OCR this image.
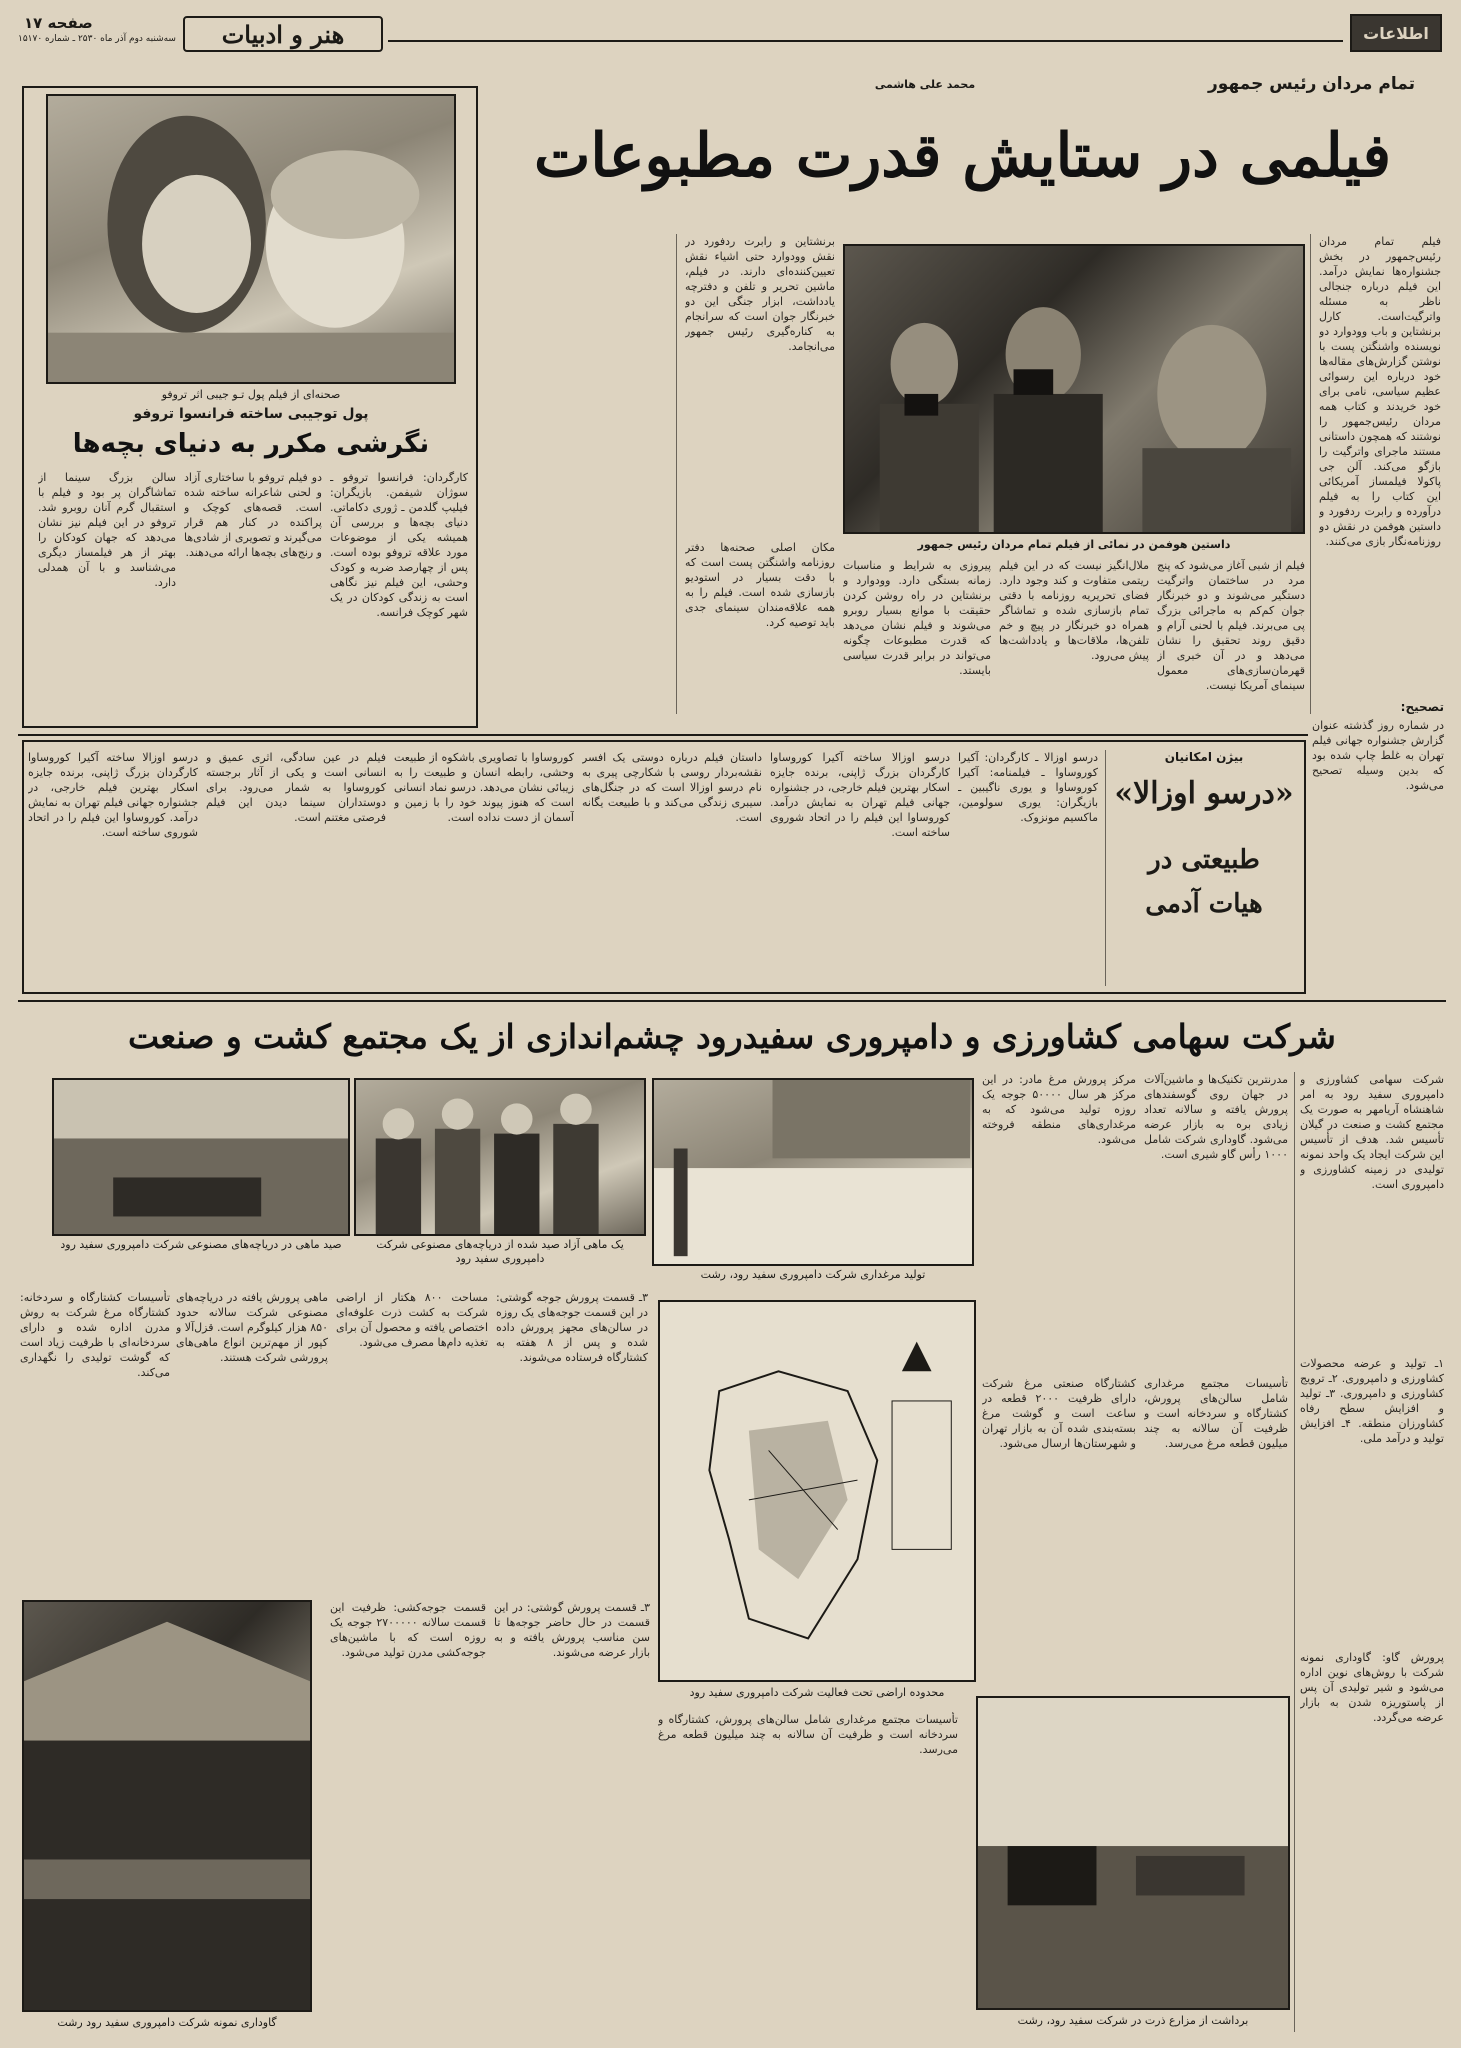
هنر و ادبیات
صفحه ۱۷
سه‌شنبه دوم آذر ماه ۲۵۳۰ ـ شماره ۱۵۱۷۰	اطلاعات
تمام مردان رئیس جمهور
محمد علی هاشمی
فیلمی در ستایش قدرت مطبوعات
فیلم تمام مردان رئیس‌جمهور در بخش جشنواره‌ها نمایش درآمد. این فیلم درباره جنجالی ناظر به مسئله واترگیت‌است. کارل برنشتاین و باب وودوارد دو نویسنده واشنگتن پست با نوشتن گزارش‌های مقاله‌ها خود درباره این رسوائی عظیم سیاسی، نامی برای خود خریدند و کتاب همه مردان رئیس‌جمهور را نوشتند که همچون داستانی مستند ماجرای واترگیت را بازگو می‌کند. آلن جی پاکولا فیلمساز آمریکائی این کتاب را به فیلم درآورده و رابرت ردفورد و داستین هوفمن در نقش دو روزنامه‌نگار بازی می‌کنند.
داستین هوفمن در نمائی از فیلم تمام مردان رئیس جمهور
فیلم از شبی آغاز می‌شود که پنج مرد در ساختمان واترگیت دستگیر می‌شوند و دو خبرنگار جوان کم‌کم به ماجرائی بزرگ پی می‌برند. فیلم با لحنی آرام و دقیق روند تحقیق را نشان می‌دهد و در آن خبری از قهرمان‌سازی‌های معمول سینمای آمریکا نیست.
ملال‌انگیز نیست که در این فیلم ریتمی متفاوت و کند وجود دارد. فضای تحریریه روزنامه با دقتی تمام بازسازی شده و تماشاگر همراه دو خبرنگار در پیچ و خم تلفن‌ها، ملاقات‌ها و یادداشت‌ها پیش می‌رود.
پیروزی به شرایط و مناسبات زمانه بستگی دارد. وودوارد و برنشتاین در راه روشن کردن حقیقت با موانع بسیار روبرو می‌شوند و فیلم نشان می‌دهد که قدرت مطبوعات چگونه می‌تواند در برابر قدرت سیاسی بایستد.
برنشتاین و رابرت ردفورد در نقش وودوارد حتی اشیاء نقش تعیین‌کننده‌ای دارند. در فیلم، ماشین تحریر و تلفن و دفترچه یادداشت، ابزار جنگی این دو خبرنگار جوان است که سرانجام به کناره‌گیری رئیس جمهور می‌انجامد.
مکان اصلی صحنه‌ها دفتر روزنامه واشنگتن پست است که با دقت بسیار در استودیو بازسازی شده است. فیلم را به همه علاقه‌مندان سینمای جدی باید توصیه کرد.
تصحیح:
در شماره روز گذشته عنوان گزارش جشنواره جهانی فیلم تهران به غلط چاپ شده بود که بدین وسیله تصحیح می‌شود.
صحنه‌ای از فیلم پول تـو جیبی اثر تروفو
پول توجیبی ساخته فرانسوا تروفو
نگرشی مکرر به دنیای بچه‌ها
کارگردان: فرانسوا تروفو ـ سوژان شیفمن. بازیگران: فیلیپ گلدمن ـ ژوری دکاماتی. دنیای بچه‌ها و بررسی آن همیشه یکی از موضوعات مورد علاقه تروفو بوده است. پس از چهارصد ضربه و کودک وحشی، این فیلم نیز نگاهی است به زندگی کودکان در یک شهر کوچک فرانسه.
دو فیلم تروفو با ساختاری آزاد و لحنی شاعرانه ساخته شده است. قصه‌های کوچک و پراکنده در کنار هم قرار می‌گیرند و تصویری از شادی‌ها و رنج‌های بچه‌ها ارائه می‌دهند.
سالن بزرگ سینما از تماشاگران پر بود و فیلم با استقبال گرم آنان روبرو شد. تروفو در این فیلم نیز نشان می‌دهد که جهان کودکان را بهتر از هر فیلمساز دیگری می‌شناسد و با آن همدلی دارد.
بیژن امکانیان
«درسو اوزالا»
طبیعتی در هیات آدمی
درسو اوزالا ـ کارگردان: آکیرا کوروساوا ـ فیلمنامه: آکیرا کوروساوا و یوری ناگیبین ـ بازیگران: یوری سولومین، ماکسیم مونزوک.
درسو اوزالا ساخته آکیرا کوروساوا کارگردان بزرگ ژاپنی، برنده جایزه اسکار بهترین فیلم خارجی، در جشنواره جهانی فیلم تهران به نمایش درآمد. کوروساوا این فیلم را در اتحاد شوروی ساخته است.
داستان فیلم درباره دوستی یک افسر نقشه‌بردار روسی با شکارچی پیری به نام درسو اوزالا است که در جنگل‌های سیبری زندگی می‌کند و با طبیعت یگانه است.
کوروساوا با تصاویری باشکوه از طبیعت وحشی، رابطه انسان و طبیعت را به زیبائی نشان می‌دهد. درسو نماد انسانی است که هنوز پیوند خود را با زمین و آسمان از دست نداده است.
فیلم در عین سادگی، اثری عمیق و انسانی است و یکی از آثار برجسته کوروساوا به شمار می‌رود. برای دوستداران سینما دیدن این فیلم فرصتی مغتنم است.
درسو اوزالا ساخته آکیرا کوروساوا کارگردان بزرگ ژاپنی، برنده جایزه اسکار بهترین فیلم خارجی، در جشنواره جهانی فیلم تهران به نمایش درآمد. کوروساوا این فیلم را در اتحاد شوروی ساخته است.
شرکت سهامی کشاورزی و دامپروری سفیدرود چشم‌اندازی از یک مجتمع کشت و صنعت
تولید مرغداری شرکت دامپروری سفید رود، رشت
صید ماهی در دریاچه‌های مصنوعی شرکت دامپروری سفید رود	یک ماهی آزاد صید شده از دریاچه‌های مصنوعی شرکت دامپروری سفید رود
شرکت سهامی کشاورزی و دامپروری سفید رود به امر شاهنشاه آریامهر به صورت یک مجتمع کشت و صنعت در گیلان تأسیس شد. هدف از تأسیس این شرکت ایجاد یک واحد نمونه تولیدی در زمینه کشاورزی و دامپروری است.
۱ـ تولید و عرضه محصولات کشاورزی و دامپروری. ۲ـ ترویج کشاورزی و دامپروری. ۳ـ تولید و افزایش سطح رفاه کشاورزان منطقه. ۴ـ افزایش تولید و درآمد ملی.
پرورش گاو: گاوداری نمونه شرکت با روش‌های نوین اداره می‌شود و شیر تولیدی آن پس از پاستوریزه شدن به بازار عرضه می‌گردد.
مدرنترین تکنیک‌ها و ماشین‌آلات در جهان روی گوسفندهای پرورش یافته و سالانه تعداد زیادی بره به بازار عرضه می‌شود. گاوداری شرکت شامل ۱۰۰۰ رأس گاو شیری است.
تأسیسات مجتمع مرغداری شامل سالن‌های پرورش، کشتارگاه و سردخانه است و ظرفیت آن سالانه به چند میلیون قطعه مرغ می‌رسد.
مرکز پرورش مرغ مادر: در این مرکز هر سال ۵۰۰۰۰ جوجه یک روزه تولید می‌شود که به مرغداری‌های منطقه فروخته می‌شود.
کشتارگاه صنعتی مرغ شرکت دارای ظرفیت ۲۰۰۰ قطعه در ساعت است و گوشت مرغ بسته‌بندی شده آن به بازار تهران و شهرستان‌ها ارسال می‌شود.
محدوده اراضی تحت فعالیت شرکت دامپروری سفید رود
۳ـ قسمت پرورش جوجه گوشتی: در این قسمت جوجه‌های یک روزه در سالن‌های مجهز پرورش داده شده و پس از ۸ هفته به کشتارگاه فرستاده می‌شوند.
مساحت ۸۰۰ هکتار از اراضی شرکت به کشت ذرت علوفه‌ای اختصاص یافته و محصول آن برای تغذیه دام‌ها مصرف می‌شود.
ماهی پرورش یافته در دریاچه‌های مصنوعی شرکت سالانه حدود ۸۵۰ هزار کیلوگرم است. قزل‌آلا و کپور از مهم‌ترین انواع ماهی‌های پرورشی شرکت هستند.
تأسیسات کشتارگاه و سردخانه: کشتارگاه مرغ شرکت به روش مدرن اداره شده و دارای سردخانه‌ای با ظرفیت زیاد است که گوشت تولیدی را نگهداری می‌کند.
گاوداری نمونه شرکت دامپروری سفید رود رشت
قسمت جوجه‌کشی: ظرفیت این قسمت سالانه ۲۷۰۰۰۰۰ جوجه یک روزه است که با ماشین‌های جوجه‌کشی مدرن تولید می‌شود.
۳ـ قسمت پرورش گوشتی: در این قسمت در حال حاضر جوجه‌ها تا سن مناسب پرورش یافته و به بازار عرضه می‌شوند.
تأسیسات مجتمع مرغداری شامل سالن‌های پرورش، کشتارگاه و سردخانه است و ظرفیت آن سالانه به چند میلیون قطعه مرغ می‌رسد.
برداشت از مزارع ذرت در شرکت سفید رود، رشت
